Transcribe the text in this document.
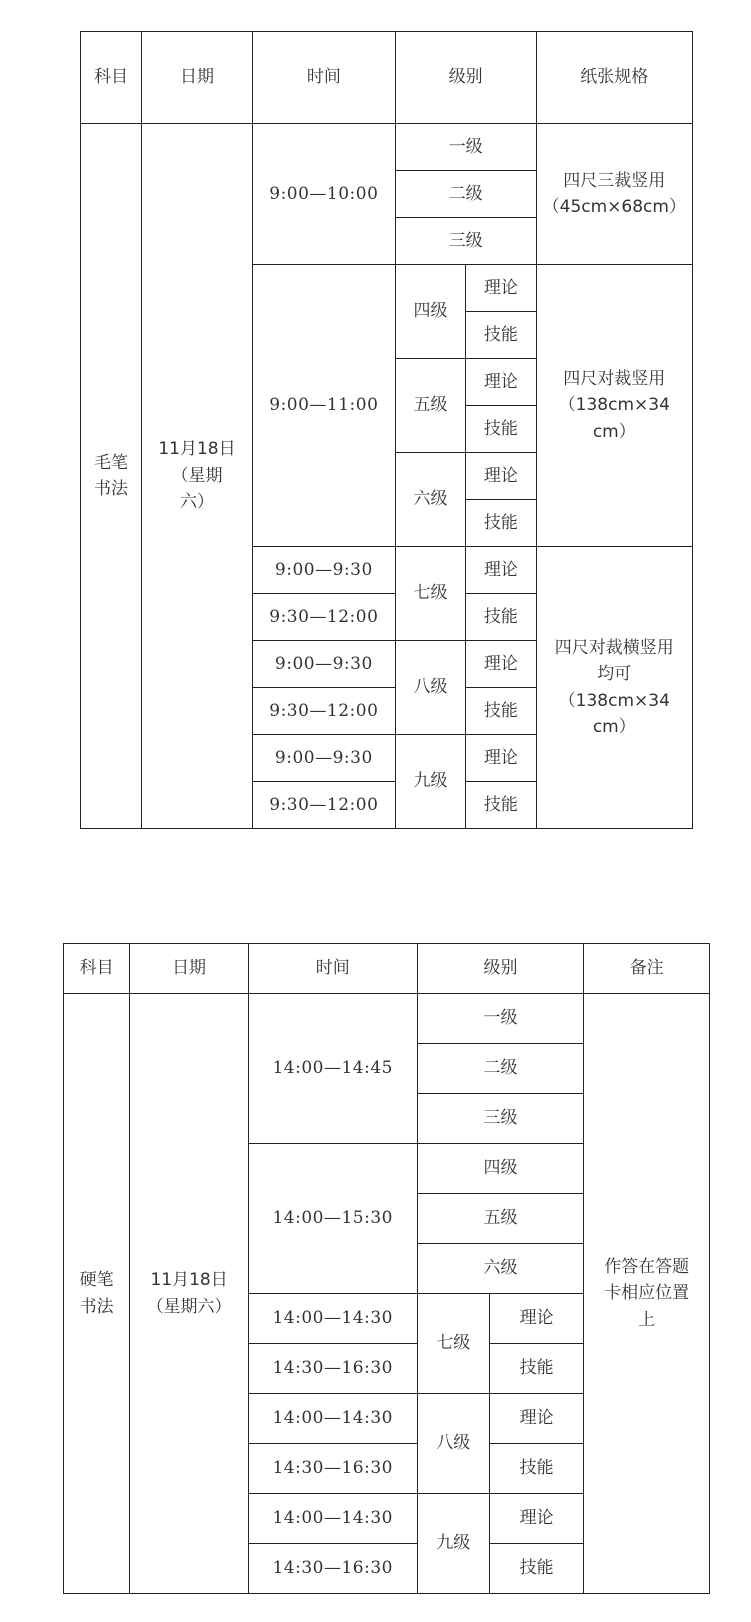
科目	日期	时间	级别		纸张规格

毛笔
书法	11月18日
（星期
六）	9:00—10:00	一级		四尺三裁竖用
（45cm×68cm）

			二级		
			三级		
		9:00—11:00	四级	理论	四尺对裁竖用
（138cm×34
cm）

				技能	
			五级	理论	
				技能	
			六级	理论	
				技能	
		9:00—9:30	七级	理论	四尺对裁横竖用
均可
（138cm×34
cm）

		9:30—12:00		技能	
		9:00—9:30	八级	理论	
		9:30—12:00		技能	
		9:00—9:30	九级	理论	
		9:30—12:00		技能	
科目	日期	时间	级别		备注

硬笔
书法	11月18日
（星期六）	14:00—14:45	一级		作答在答题
卡相应位置
上

			二级		
			三级		
		14:00—15:30	四级		
			五级		
			六级		
		14:00—14:30	七级	理论	
		14:30—16:30		技能	
		14:00—14:30	八级	理论	
		14:30—16:30		技能	
		14:00—14:30	九级	理论	
		14:30—16:30		技能	
